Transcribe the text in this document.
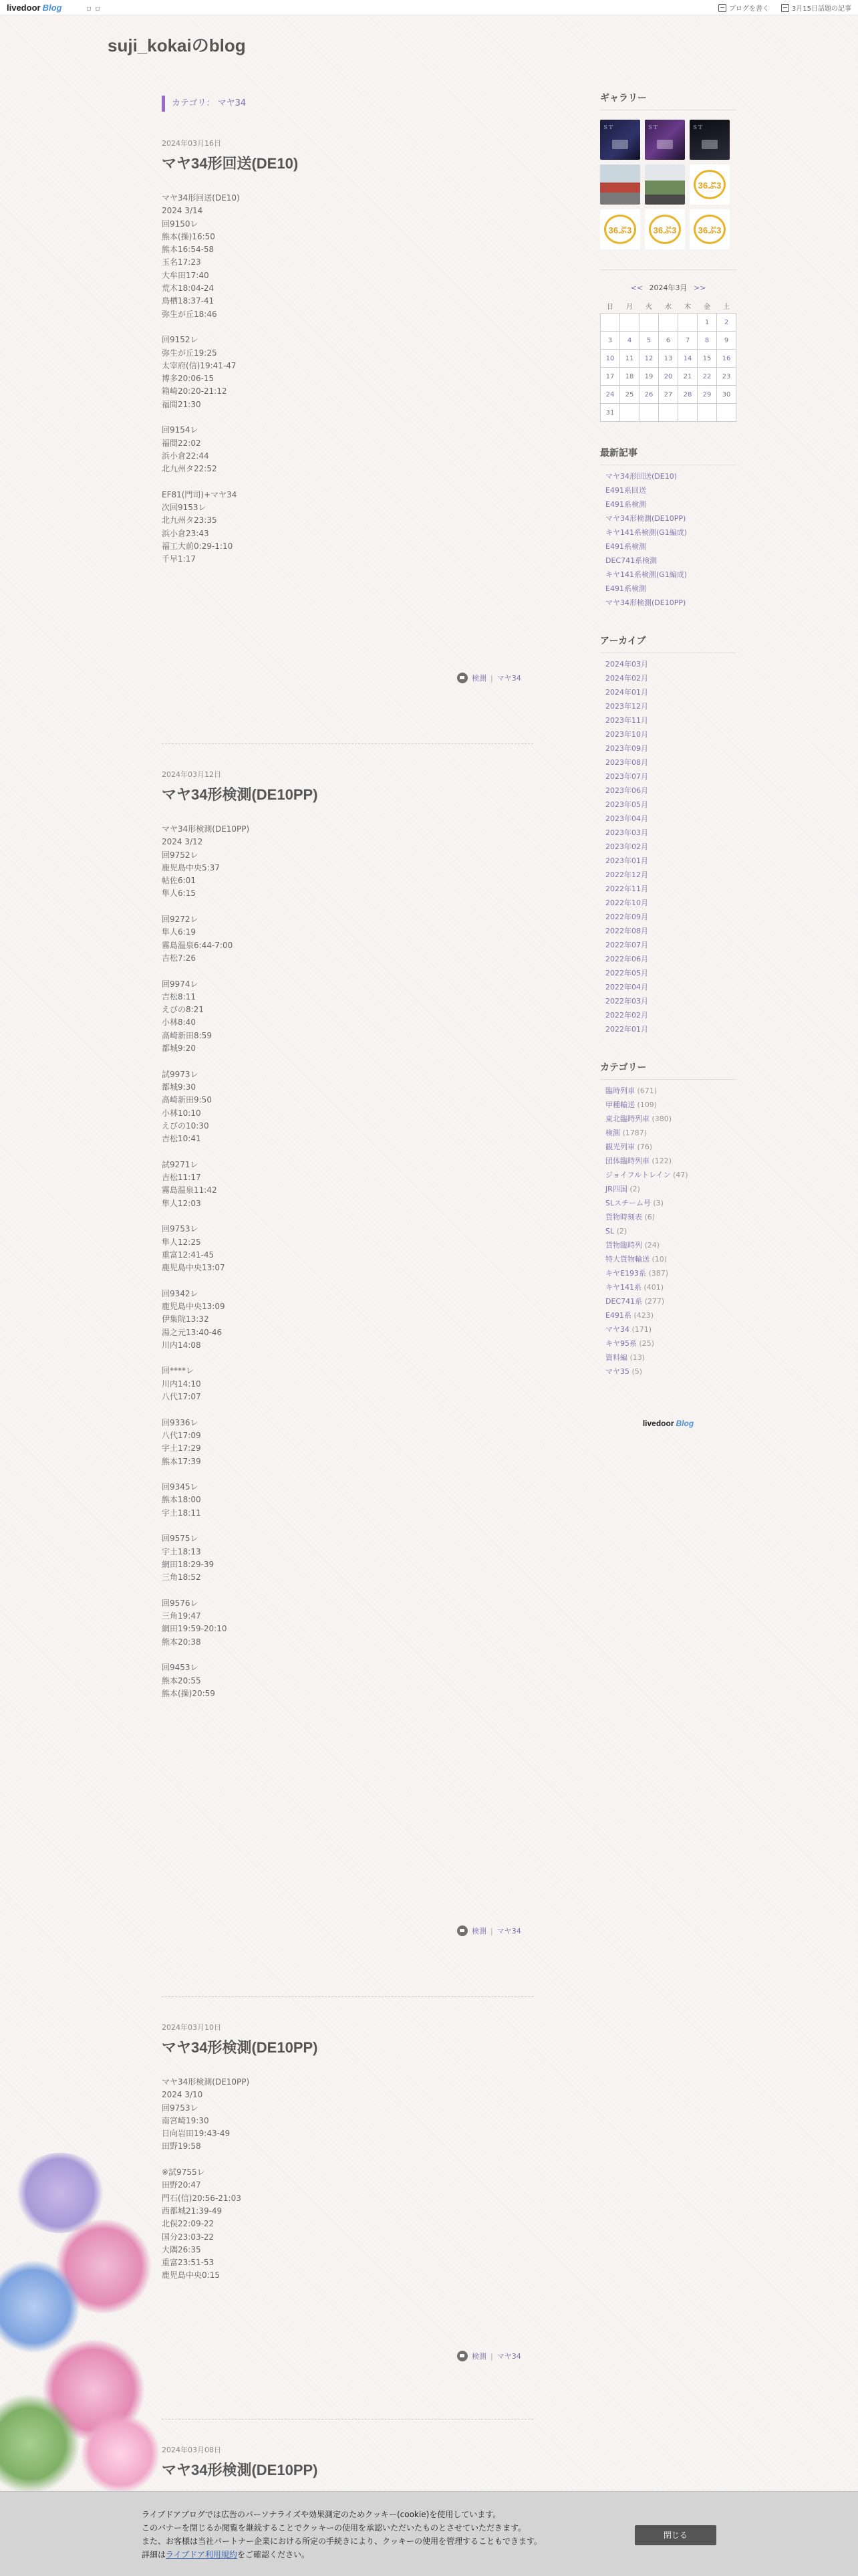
livedoor Blog	ロ ロ	ブログを書く	3月15日話題の記事
suji_kokaiのblog
カテゴリ： マヤ34
2024年03月16日
マヤ34形回送(DE10)
マヤ34形回送(DE10)
2024 3/14
回9150レ
熊本(操)16:50
熊本16:54-58
玉名17:23
大牟田17:40
荒木18:04-24
鳥栖18:37-41
弥生が丘18:46

回9152レ
弥生が丘19:25
太宰府(信)19:41-47
博多20:06-15
箱崎20:20-21:12
福間21:30

回9154レ
福間22:02
浜小倉22:44
北九州タ22:52

EF81(門司)+マヤ34
次回9153レ
北九州タ23:35
浜小倉23:43
福工大前0:29-1:10
千早1:17
検測 | マヤ34
2024年03月12日
マヤ34形検測(DE10PP)
マヤ34形検測(DE10PP)
2024 3/12
回9752レ
鹿児島中央5:37
帖佐6:01
隼人6:15

回9272レ
隼人6:19
霧島温泉6:44-7:00
吉松7:26

回9974レ
吉松8:11
えびの8:21
小林8:40
高崎新田8:59
都城9:20

試9973レ
都城9:30
高崎新田9:50
小林10:10
えびの10:30
吉松10:41

試9271レ
吉松11:17
霧島温泉11:42
隼人12:03

回9753レ
隼人12:25
重富12:41-45
鹿児島中央13:07

回9342レ
鹿児島中央13:09
伊集院13:32
湯之元13:40-46
川内14:08

回****レ
川内14:10
八代17:07

回9336レ
八代17:09
宇土17:29
熊本17:39

回9345レ
熊本18:00
宇土18:11

回9575レ
宇土18:13
網田18:29-39
三角18:52

回9576レ
三角19:47
網田19:59-20:10
熊本20:38

回9453レ
熊本20:55
熊本(操)20:59
検測 | マヤ34
2024年03月10日
マヤ34形検測(DE10PP)
マヤ34形検測(DE10PP)
2024 3/10
回9753レ
南宮崎19:30
日向岩田19:43-49
田野19:58

※試9755レ
田野20:47
門石(信)20:56-21:03
西都城21:39-49
北俣22:09-22
国分23:03-22
大隅26:35
重富23:51-53
鹿児島中央0:15
検測 | マヤ34
2024年03月08日
マヤ34形検測(DE10PP)
ギャラリー
ＳＴ	ＳＴ	ＳＴ
36ぷ3
36ぷ3	36ぷ3	36ぷ3
<< 2024年3月 >>
日	月	火	水	木	金	土
					1	2
3	4	5	6	7	8	9
10	11	12	13	14	15	16
17	18	19	20	21	22	23
24	25	26	27	28	29	30
31						
最新記事
マヤ34形回送(DE10)
E491系回送
E491系検測
マヤ34形検測(DE10PP)
キヤ141系検測(G1編成)
E491系検測
DEC741系検測
キヤ141系検測(G1編成)
E491系検測
マヤ34形検測(DE10PP)
アーカイブ
2024年03月
2024年02月
2024年01月
2023年12月
2023年11月
2023年10月
2023年09月
2023年08月
2023年07月
2023年06月
2023年05月
2023年04月
2023年03月
2023年02月
2023年01月
2022年12月
2022年11月
2022年10月
2022年09月
2022年08月
2022年07月
2022年06月
2022年05月
2022年04月
2022年03月
2022年02月
2022年01月
カテゴリー
臨時列車 (671)
甲種輸送 (109)
東北臨時列車 (380)
検測 (1787)
観光列車 (76)
団体臨時列車 (122)
ジョイフルトレイン (47)
JR四国 (2)
SLスチーム号 (3)
貨物時刻表 (6)
SL (2)
貨物臨時列 (24)
特大貨物輸送 (10)
キヤE193系 (387)
キヤ141系 (401)
DEC741系 (277)
E491系 (423)
マヤ34 (171)
キヤ95系 (25)
資料編 (13)
マヤ35 (5)
livedoor Blog
ライブドアブログでは広告のパーソナライズや効果測定のためクッキー(cookie)を使用しています。
このバナーを閉じるか閲覧を継続することでクッキーの使用を承認いただいたものとさせていただきます。
また、お客様は当社パートナー企業における所定の手続きにより、クッキーの使用を管理することもできます。
詳細はライブドア利用規約をご確認ください。
閉じる
